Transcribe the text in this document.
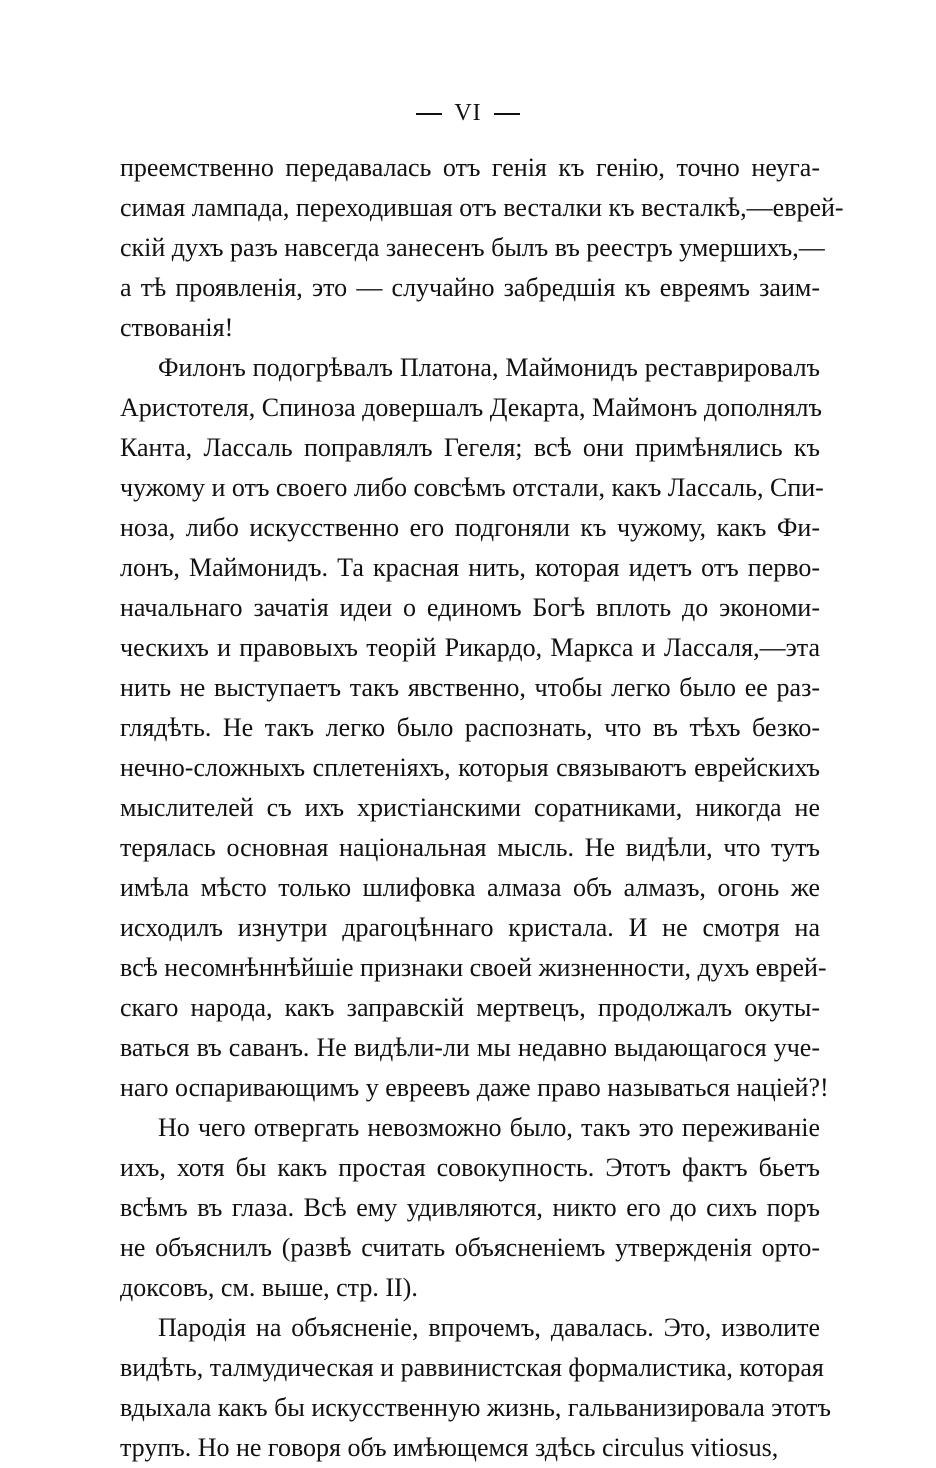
VI
преемственно передавалась отъ генія къ генію, точно неуга-
симая лампада, переходившая отъ весталки къ весталкѣ,—еврей-
скій духъ разъ навсегда занесенъ былъ въ реестръ умершихъ,—
а тѣ проявленія, это — случайно забредшія къ евреямъ заим-
ствованія!
Филонъ подогрѣвалъ Платона, Маймонидъ реставрировалъ
Аристотеля, Спиноза довершалъ Декарта, Маймонъ дополнялъ
Канта, Лассаль поправлялъ Гегеля; всѣ они примѣнялись къ
чужому и отъ своего либо совсѣмъ отстали, какъ Лассаль, Спи-
ноза, либо искусственно его подгоняли къ чужому, какъ Фи-
лонъ, Маймонидъ. Та красная нить, которая идетъ отъ перво-
начальнаго зачатія идеи о единомъ Богѣ вплоть до экономи-
ческихъ и правовыхъ теорій Рикардо, Маркса и Лассаля,—эта
нить не выступаетъ такъ явственно, чтобы легко было ее раз-
глядѣть. Не такъ легко было распознать, что въ тѣхъ безко-
нечно-сложныхъ сплетеніяхъ, которыя связываютъ еврейскихъ
мыслителей съ ихъ христіанскими соратниками, никогда не
терялась основная національная мысль. Не видѣли, что тутъ
имѣла мѣсто только шлифовка алмаза объ алмазъ, огонь же
исходилъ изнутри драгоцѣннаго кристала. И не смотря на
всѣ несомнѣннѣйшіе признаки своей жизненности, духъ еврей-
скаго народа, какъ заправскій мертвецъ, продолжалъ окуты-
ваться въ саванъ. Не видѣли-ли мы недавно выдающагося уче-
наго оспаривающимъ у евреевъ даже право называться націей?!
Но чего отвергать невозможно было, такъ это переживаніе
ихъ, хотя бы какъ простая совокупность. Этотъ фактъ бьетъ
всѣмъ въ глаза. Всѣ ему удивляются, никто его до сихъ поръ
не объяснилъ (развѣ считать объясненіемъ утвержденія орто-
доксовъ, см. выше, стр. II).
Пародія на объясненіе, впрочемъ, давалась. Это, изволите
видѣть, талмудическая и раввинистская формалистика, которая
вдыхала какъ бы искусственную жизнь, гальванизировала этотъ
трупъ. Но не говоря объ имѣющемся здѣсь circulus vitiosus,
